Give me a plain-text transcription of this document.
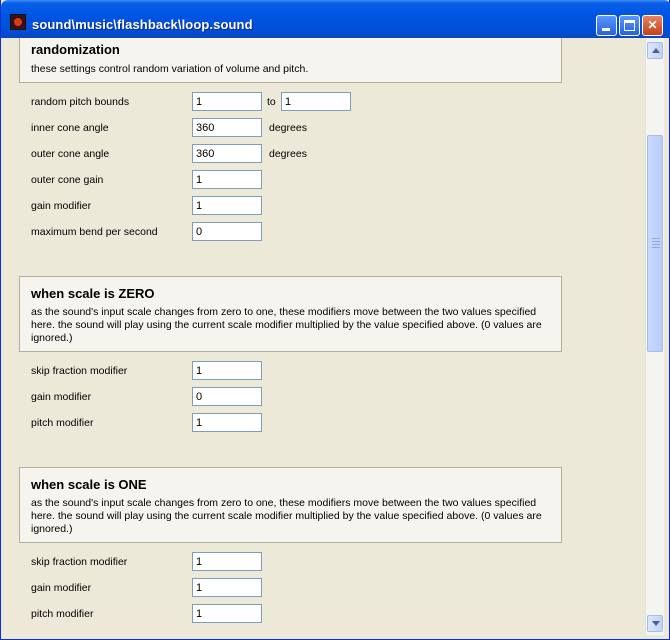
sound\music\flashback\loop.sound	✕
randomization
these settings control random variation of volume and pitch.
random pitch bounds
1	to
1
inner cone angle
360	degrees
outer cone angle
360	degrees
outer cone gain
1
gain modifier
1
maximum bend per second
0
when scale is ZERO
as the sound's input scale changes from zero to one, these modifiers move between the two values specified here. the sound will play using the current scale modifier multiplied by the value specified above. (0 values are ignored.)
skip fraction modifier
1
gain modifier
0
pitch modifier
1
when scale is ONE
as the sound's input scale changes from zero to one, these modifiers move between the two values specified here. the sound will play using the current scale modifier multiplied by the value specified above. (0 values are ignored.)
skip fraction modifier
1
gain modifier
1
pitch modifier
1
